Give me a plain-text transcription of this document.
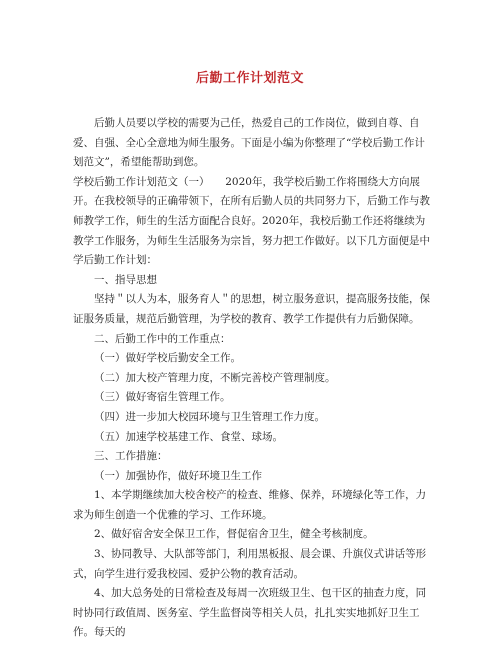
后勤工作计划范文

后勤人员要以学校的需要为己任，热爱自己的工作岗位，做到自尊、自爱、自强、全心全意地为师生服务。下面是小编为你整理了“学校后勤工作计划范文”，希望能帮助到您。

学校后勤工作计划范文（一）　　2020年，我学校后勤工作将围绕大方向展开。在我校领导的正确带领下，在所有后勤人员的共同努力下，后勤工作与教师教学工作，师生的生活方面配合良好。2020年，我校后勤工作还将继续为教学工作服务，为师生生活服务为宗旨，努力把工作做好。以下几方面便是中学后勤工作计划：

一、指导思想

坚持＂以人为本，服务育人＂的思想，树立服务意识，提高服务技能，保证服务质量，规范后勤管理，为学校的教育、教学工作提供有力后勤保障。

二、后勤工作中的工作重点：

（一）做好学校后勤安全工作。

（二）加大校产管理力度，不断完善校产管理制度。

（三）做好寄宿生管理工作。

（四）进一步加大校园环境与卫生管理工作力度。

（五）加速学校基建工作、食堂、球场。

三、工作措施：

（一）加强协作，做好环境卫生工作

1、本学期继续加大校舍校产的检查、维修、保养，环境绿化等工作，力求为师生创造一个优雅的学习、工作环境。

2、做好宿舍安全保卫工作，督促宿舍卫生，健全考核制度。

3、协同教导、大队部等部门，利用黑板报、晨会课、升旗仪式讲话等形式，向学生进行爱我校园、爱护公物的教育活动。

4、加大总务处的日常检查及每周一次班级卫生、包干区的抽查力度，同时协同行政值周、医务室、学生监督岗等相关人员，扎扎实实地抓好卫生工作。每天的
